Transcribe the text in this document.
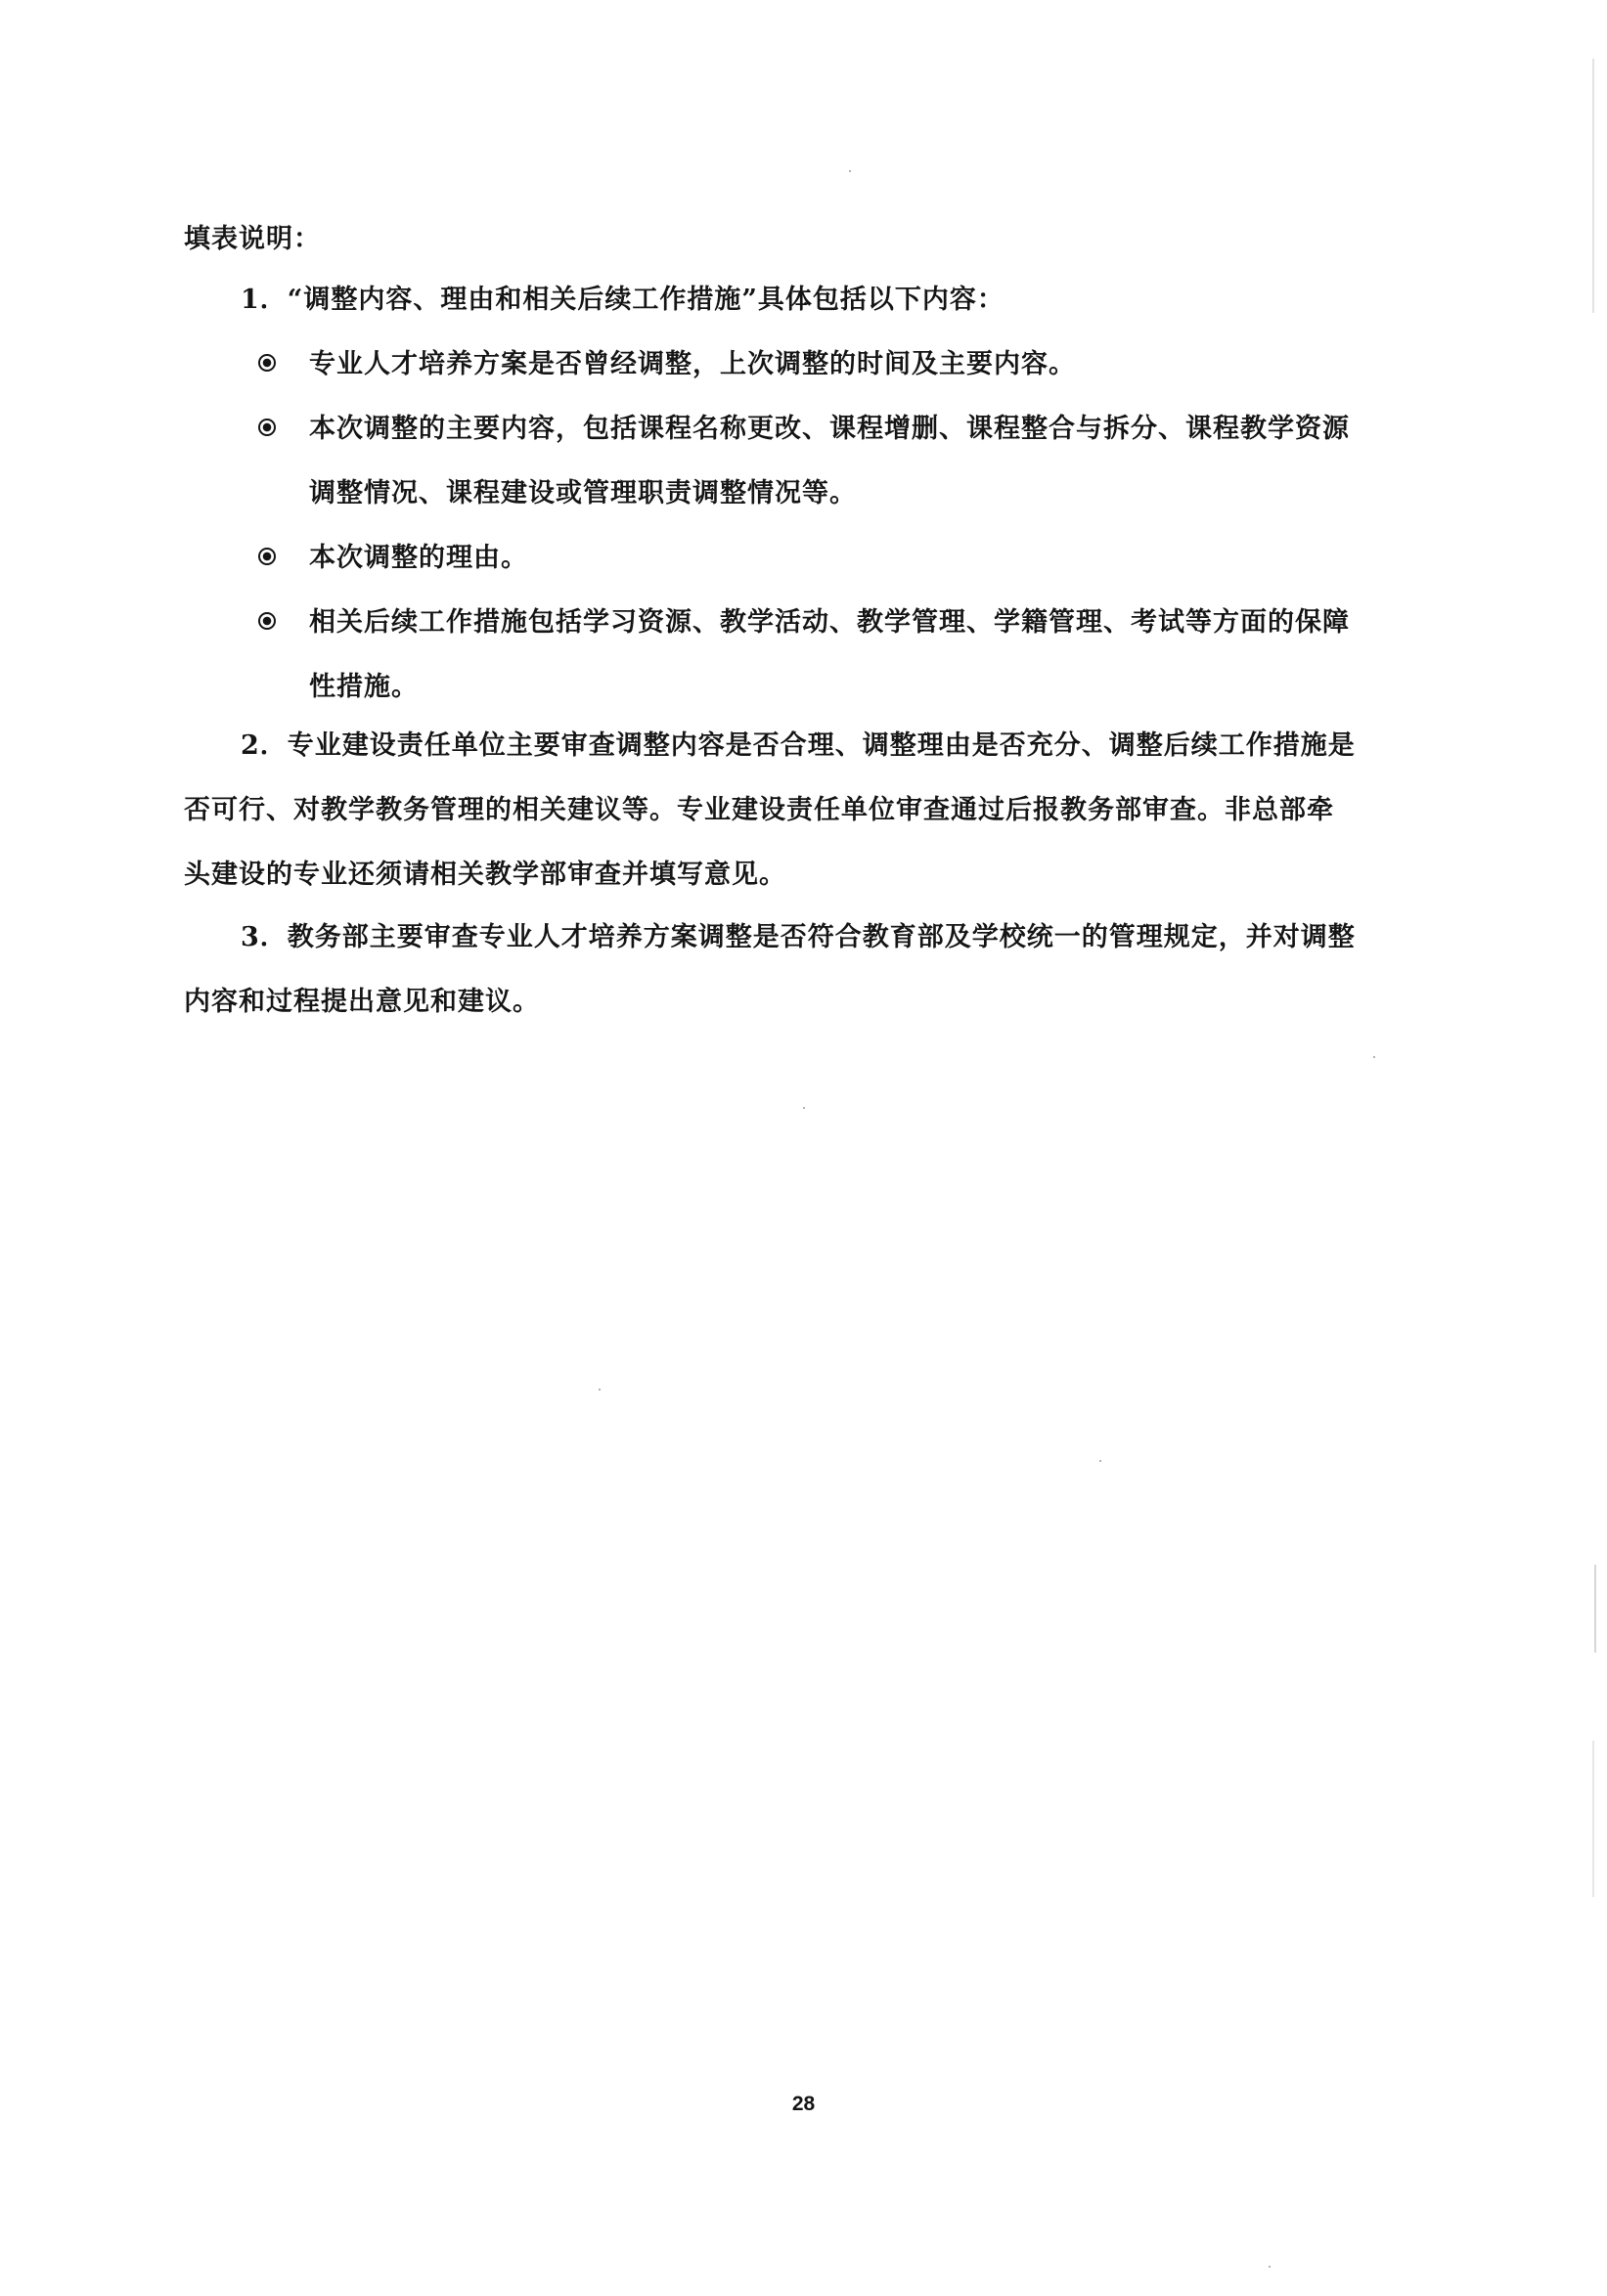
填表说明：
1．“调整内容、理由和相关后续工作措施”具体包括以下内容：
专业人才培养方案是否曾经调整，上次调整的时间及主要内容。
本次调整的主要内容，包括课程名称更改、课程增删、课程整合与拆分、课程教学资源调整情况、课程建设或管理职责调整情况等。
本次调整的理由。
相关后续工作措施包括学习资源、教学活动、教学管理、学籍管理、考试等方面的保障性措施。
2．专业建设责任单位主要审查调整内容是否合理、调整理由是否充分、调整后续工作措施是否可行、对教学教务管理的相关建议等。专业建设责任单位审查通过后报教务部审查。非总部牵头建设的专业还须请相关教学部审查并填写意见。
3．教务部主要审查专业人才培养方案调整是否符合教育部及学校统一的管理规定，并对调整内容和过程提出意见和建议。
28
